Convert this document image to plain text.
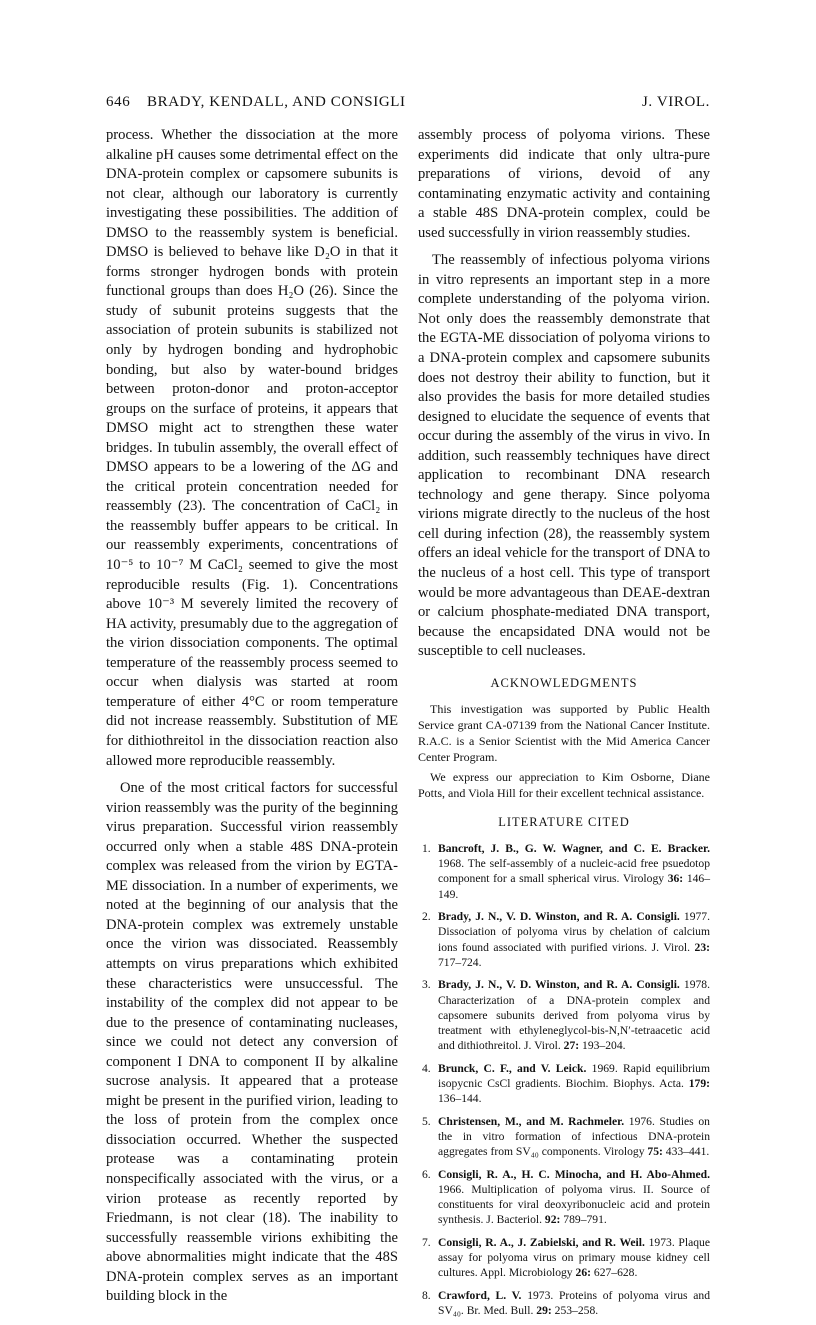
646 BRADY, KENDALL, AND CONSIGLI	J. VIROL.

process. Whether the dissociation at the more alkaline pH causes some detrimental effect on the DNA-protein complex or capsomere subunits is not clear, although our laboratory is currently investigating these possibilities. The addition of DMSO to the reassembly system is beneficial. DMSO is believed to behave like D₂O in that it forms stronger hydrogen bonds with protein functional groups than does H₂O (26). Since the study of subunit proteins suggests that the association of protein subunits is stabilized not only by hydrogen bonding and hydrophobic bonding, but also by water-bound bridges between proton-donor and proton-acceptor groups on the surface of proteins, it appears that DMSO might act to strengthen these water bridges. In tubulin assembly, the overall effect of DMSO appears to be a lowering of the ΔG and the critical protein concentration needed for reassembly (23). The concentration of CaCl₂ in the reassembly buffer appears to be critical. In our reassembly experiments, concentrations of 10⁻⁵ to 10⁻⁷ M CaCl₂ seemed to give the most reproducible results (Fig. 1). Concentrations above 10⁻³ M severely limited the recovery of HA activity, presumably due to the aggregation of the virion dissociation components. The optimal temperature of the reassembly process seemed to occur when dialysis was started at room temperature of either 4°C or room temperature did not increase reassembly. Substitution of ME for dithiothreitol in the dissociation reaction also allowed more reproducible reassembly.

One of the most critical factors for successful virion reassembly was the purity of the beginning virus preparation. Successful virion reassembly occurred only when a stable 48S DNA-protein complex was released from the virion by EGTA-ME dissociation. In a number of experiments, we noted at the beginning of our analysis that the DNA-protein complex was extremely unstable once the virion was dissociated. Reassembly attempts on virus preparations which exhibited these characteristics were unsuccessful. The instability of the complex did not appear to be due to the presence of contaminating nucleases, since we could not detect any conversion of component I DNA to component II by alkaline sucrose analysis. It appeared that a protease might be present in the purified virion, leading to the loss of protein from the complex once dissociation occurred. Whether the suspected protease was a contaminating protein nonspecifically associated with the virus, or a virion protease as recently reported by Friedmann, is not clear (18). The inability to successfully reassemble virions exhibiting the above abnormalities might indicate that the 48S DNA-protein complex serves as an important building block in the

assembly process of polyoma virions. These experiments did indicate that only ultra-pure preparations of virions, devoid of any contaminating enzymatic activity and containing a stable 48S DNA-protein complex, could be used successfully in virion reassembly studies.

The reassembly of infectious polyoma virions in vitro represents an important step in a more complete understanding of the polyoma virion. Not only does the reassembly demonstrate that the EGTA-ME dissociation of polyoma virions to a DNA-protein complex and capsomere subunits does not destroy their ability to function, but it also provides the basis for more detailed studies designed to elucidate the sequence of events that occur during the assembly of the virus in vivo. In addition, such reassembly techniques have direct application to recombinant DNA research technology and gene therapy. Since polyoma virions migrate directly to the nucleus of the host cell during infection (28), the reassembly system offers an ideal vehicle for the transport of DNA to the nucleus of a host cell. This type of transport would be more advantageous than DEAE-dextran or calcium phosphate-mediated DNA transport, because the encapsidated DNA would not be susceptible to cell nucleases.

ACKNOWLEDGMENTS

This investigation was supported by Public Health Service grant CA-07139 from the National Cancer Institute. R.A.C. is a Senior Scientist with the Mid America Cancer Center Program.

We express our appreciation to Kim Osborne, Diane Potts, and Viola Hill for their excellent technical assistance.

LITERATURE CITED
1. Bancroft, J. B., G. W. Wagner, and C. E. Bracker. 1968. The self-assembly of a nucleic-acid free psuedotop component for a small spherical virus. Virology 36: 146–149.
2. Brady, J. N., V. D. Winston, and R. A. Consigli. 1977. Dissociation of polyoma virus by chelation of calcium ions found associated with purified virions. J. Virol. 23: 717–724.
3. Brady, J. N., V. D. Winston, and R. A. Consigli. 1978. Characterization of a DNA-protein complex and capsomere subunits derived from polyoma virus by treatment with ethyleneglycol-bis-N,N′-tetraacetic acid and dithiothreitol. J. Virol. 27: 193–204.
4. Brunck, C. F., and V. Leick. 1969. Rapid equilibrium isopycnic CsCl gradients. Biochim. Biophys. Acta. 179: 136–144.
5. Christensen, M., and M. Rachmeler. 1976. Studies on the in vitro formation of infectious DNA-protein aggregates from SV₄₀ components. Virology 75: 433–441.
6. Consigli, R. A., H. C. Minocha, and H. Abo-Ahmed. 1966. Multiplication of polyoma virus. II. Source of constituents for viral deoxyribonucleic acid and protein synthesis. J. Bacteriol. 92: 789–791.
7. Consigli, R. A., J. Zabielski, and R. Weil. 1973. Plaque assay for polyoma virus on primary mouse kidney cell cultures. Appl. Microbiology 26: 627–628.
8. Crawford, L. V. 1973. Proteins of polyoma virus and SV₄₀. Br. Med. Bull. 29: 253–258.
